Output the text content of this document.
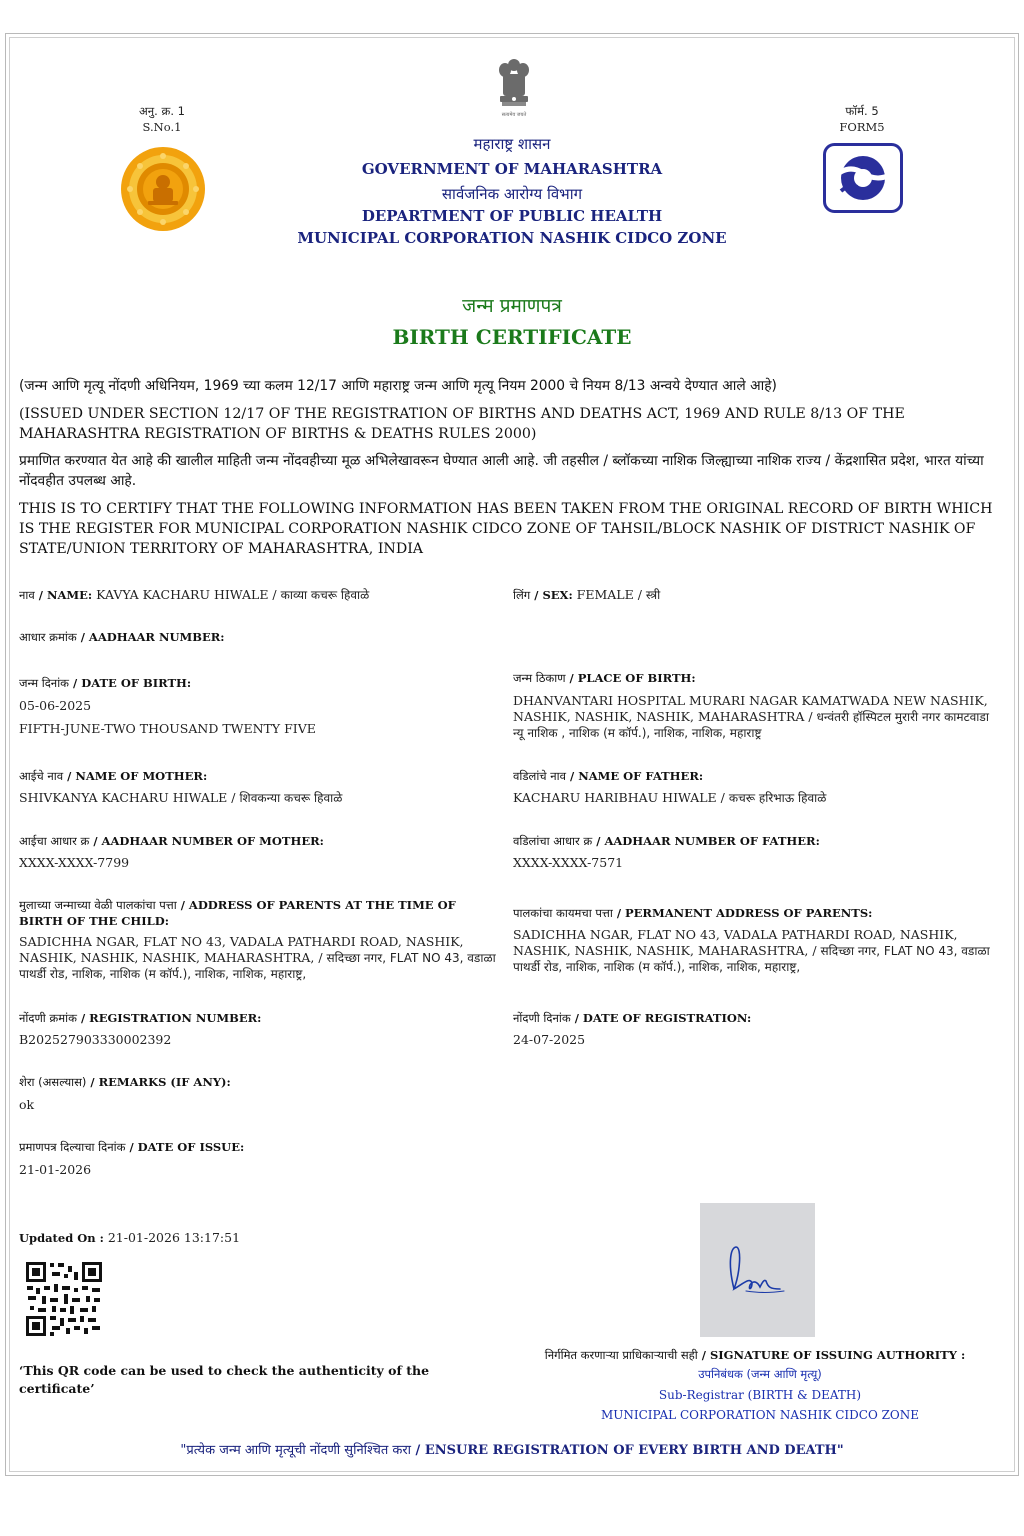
अनु. क्र. 1
S.No.1
फॉर्म. 5
FORM5
सत्यमेव जयते
महाराष्ट्र शासन
GOVERNMENT OF MAHARASHTRA
सार्वजनिक आरोग्य विभाग
DEPARTMENT OF PUBLIC HEALTH
MUNICIPAL CORPORATION NASHIK CIDCO ZONE
जन्म प्रमाणपत्र
BIRTH CERTIFICATE
(जन्म आणि मृत्यू नोंदणी अधिनियम, 1969 च्या कलम 12/17 आणि महाराष्ट्र जन्म आणि मृत्यू नियम 2000 चे नियम 8/13 अन्वये देण्यात आले आहे)
(ISSUED UNDER SECTION 12/17 OF THE REGISTRATION OF BIRTHS AND DEATHS ACT, 1969 AND RULE 8/13 OF THE MAHARASHTRA REGISTRATION OF BIRTHS & DEATHS RULES 2000)
प्रमाणित करण्यात येत आहे की खालील माहिती जन्म नोंदवहीच्या मूळ अभिलेखावरून घेण्यात आली आहे. जी तहसील / ब्लॉकच्या नाशिक जिल्ह्याच्या नाशिक राज्य / केंद्रशासित प्रदेश, भारत यांच्या नोंदवहीत उपलब्ध आहे.
THIS IS TO CERTIFY THAT THE FOLLOWING INFORMATION HAS BEEN TAKEN FROM THE ORIGINAL RECORD OF BIRTH WHICH IS THE REGISTER FOR MUNICIPAL CORPORATION NASHIK CIDCO ZONE OF TAHSIL/BLOCK NASHIK OF DISTRICT NASHIK OF STATE/UNION TERRITORY OF MAHARASHTRA, INDIA
नाव / NAME: KAVYA KACHARU HIWALE / काव्या कचरू हिवाळे	लिंग / SEX: FEMALE / स्त्री
आधार क्रमांक / AADHAAR NUMBER:
जन्म दिनांक / DATE OF BIRTH:
05-06-2025
FIFTH-JUNE-TWO THOUSAND TWENTY FIVE
जन्म ठिकाण / PLACE OF BIRTH:
DHANVANTARI HOSPITAL MURARI NAGAR KAMATWADA NEW NASHIK, NASHIK, NASHIK, NASHIK, MAHARASHTRA / धन्वंतरी हॉस्पिटल मुरारी नगर कामटवाडा न्यू नाशिक , नाशिक (म कॉर्प.), नाशिक, नाशिक, महाराष्ट्र
आईचे नाव / NAME OF MOTHER:
SHIVKANYA KACHARU HIWALE / शिवकन्या कचरू हिवाळे
वडिलांचे नाव / NAME OF FATHER:
KACHARU HARIBHAU HIWALE / कचरू हरिभाऊ हिवाळे
आईचा आधार क्र / AADHAAR NUMBER OF MOTHER:
XXXX-XXXX-7799
वडिलांचा आधार क्र / AADHAAR NUMBER OF FATHER:
XXXX-XXXX-7571
मुलाच्या जन्माच्या वेळी पालकांचा पत्ता / ADDRESS OF PARENTS AT THE TIME OF BIRTH OF THE CHILD:
SADICHHA NGAR, FLAT NO 43, VADALA PATHARDI ROAD, NASHIK, NASHIK, NASHIK, NASHIK, MAHARASHTRA, / सदिच्छा नगर, FLAT NO 43, वडाळा पाथर्डी रोड, नाशिक, नाशिक (म कॉर्प.), नाशिक, नाशिक, महाराष्ट्र,
पालकांचा कायमचा पत्ता / PERMANENT ADDRESS OF PARENTS:
SADICHHA NGAR, FLAT NO 43, VADALA PATHARDI ROAD, NASHIK, NASHIK, NASHIK, NASHIK, MAHARASHTRA, / सदिच्छा नगर, FLAT NO 43, वडाळा पाथर्डी रोड, नाशिक, नाशिक (म कॉर्प.), नाशिक, नाशिक, महाराष्ट्र,
नोंदणी क्रमांक / REGISTRATION NUMBER:
B202527903330002392
नोंदणी दिनांक / DATE OF REGISTRATION:
24-07-2025
शेरा (असल्यास) / REMARKS (IF ANY):
ok
प्रमाणपत्र दिल्याचा दिनांक / DATE OF ISSUE:
21-01-2026
Updated On : 21-01-2026 13:17:51
‘This QR code can be used to check the authenticity of the certificate’
निर्गमित करणाऱ्या प्राधिकाऱ्याची सही / SIGNATURE OF ISSUING AUTHORITY :
उपनिबंधक (जन्म आणि मृत्यू)
Sub-Registrar (BIRTH & DEATH)
MUNICIPAL CORPORATION NASHIK CIDCO ZONE
"प्रत्येक जन्म आणि मृत्यूची नोंदणी सुनिश्चित करा / ENSURE REGISTRATION OF EVERY BIRTH AND DEATH"
